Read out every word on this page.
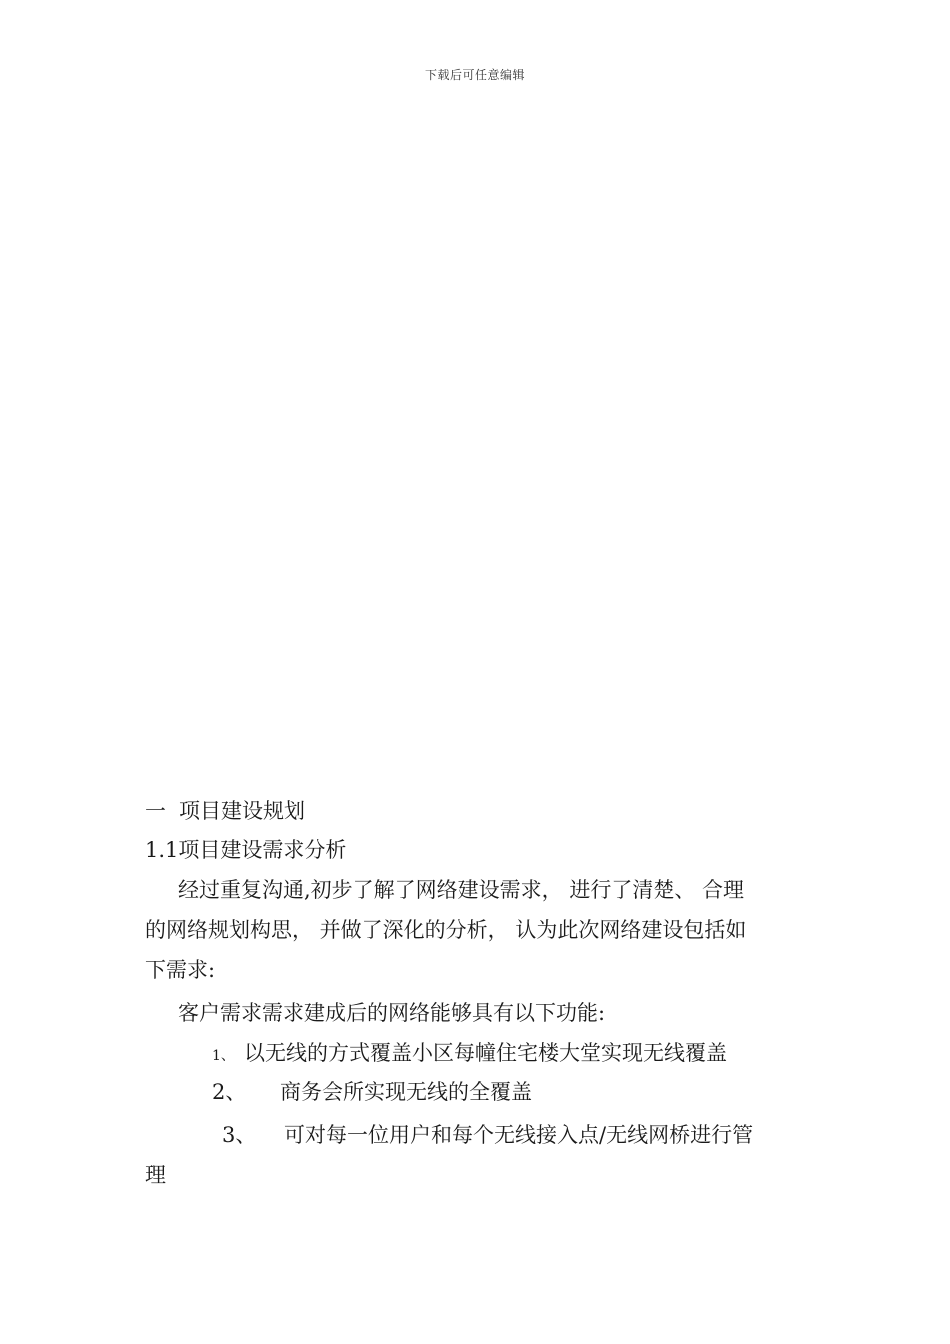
下载后可任意编辑
一 项目建设规划
1.1项目建设需求分析
经过重复沟通,初步了解了网络建设需求， 进行了清楚、 合理
的网络规划构思， 并做了深化的分析， 认为此次网络建设包括如
下需求:
客户需求需求建成后的网络能够具有以下功能:
1、 以无线的方式覆盖小区每幢住宅楼大堂实现无线覆盖
2、 商务会所实现无线的全覆盖
3、 可对每一位用户和每个无线接入点/无线网桥进行管
理
